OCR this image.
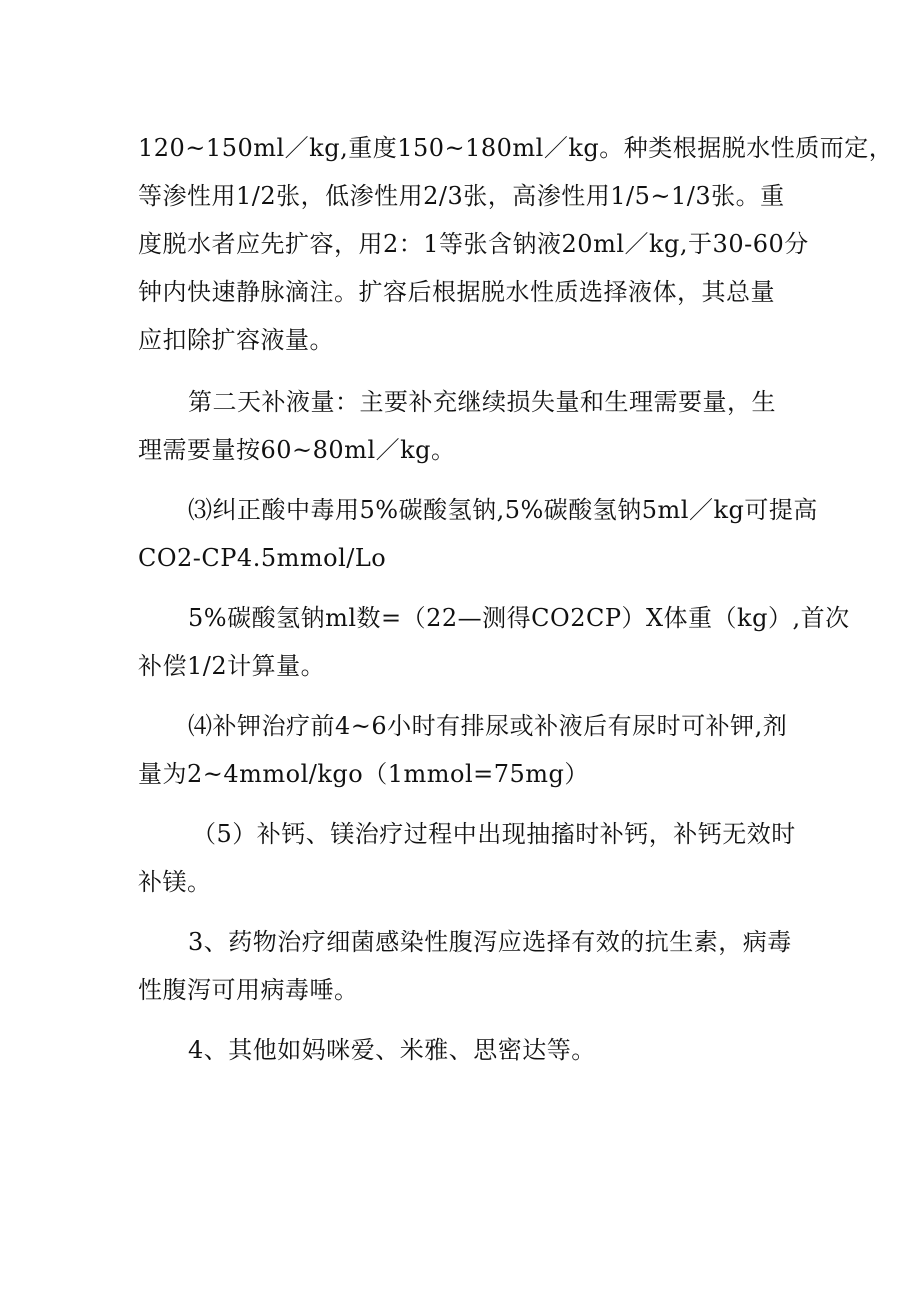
120~150ml／kg,重度150~180ml／kg。种类根据脱水性质而定，
等渗性用1/2张，低渗性用2/3张，高渗性用1/5~1/3张。重
度脱水者应先扩容，用2：1等张含钠液20ml／kg,于30-60分
钟内快速静脉滴注。扩容后根据脱水性质选择液体，其总量
应扣除扩容液量。
第二天补液量：主要补充继续损失量和生理需要量，生
理需要量按60~80ml／kg。
⑶纠正酸中毒用5%碳酸氢钠,5%碳酸氢钠5ml／kg可提高
CO2-CP4.5mmol/Lo
5%碳酸氢钠ml数=（22—测得CO2CP）X体重（kg）,首次
补偿1/2计算量。
⑷补钾治疗前4~6小时有排尿或补液后有尿时可补钾,剂
量为2~4mmol/kgo（1mmol=75mg）
（5）补钙、镁治疗过程中出现抽搐时补钙，补钙无效时
补镁。
3、药物治疗细菌感染性腹泻应选择有效的抗生素，病毒
性腹泻可用病毒唾。
4、其他如妈咪爱、米雅、思密达等。
